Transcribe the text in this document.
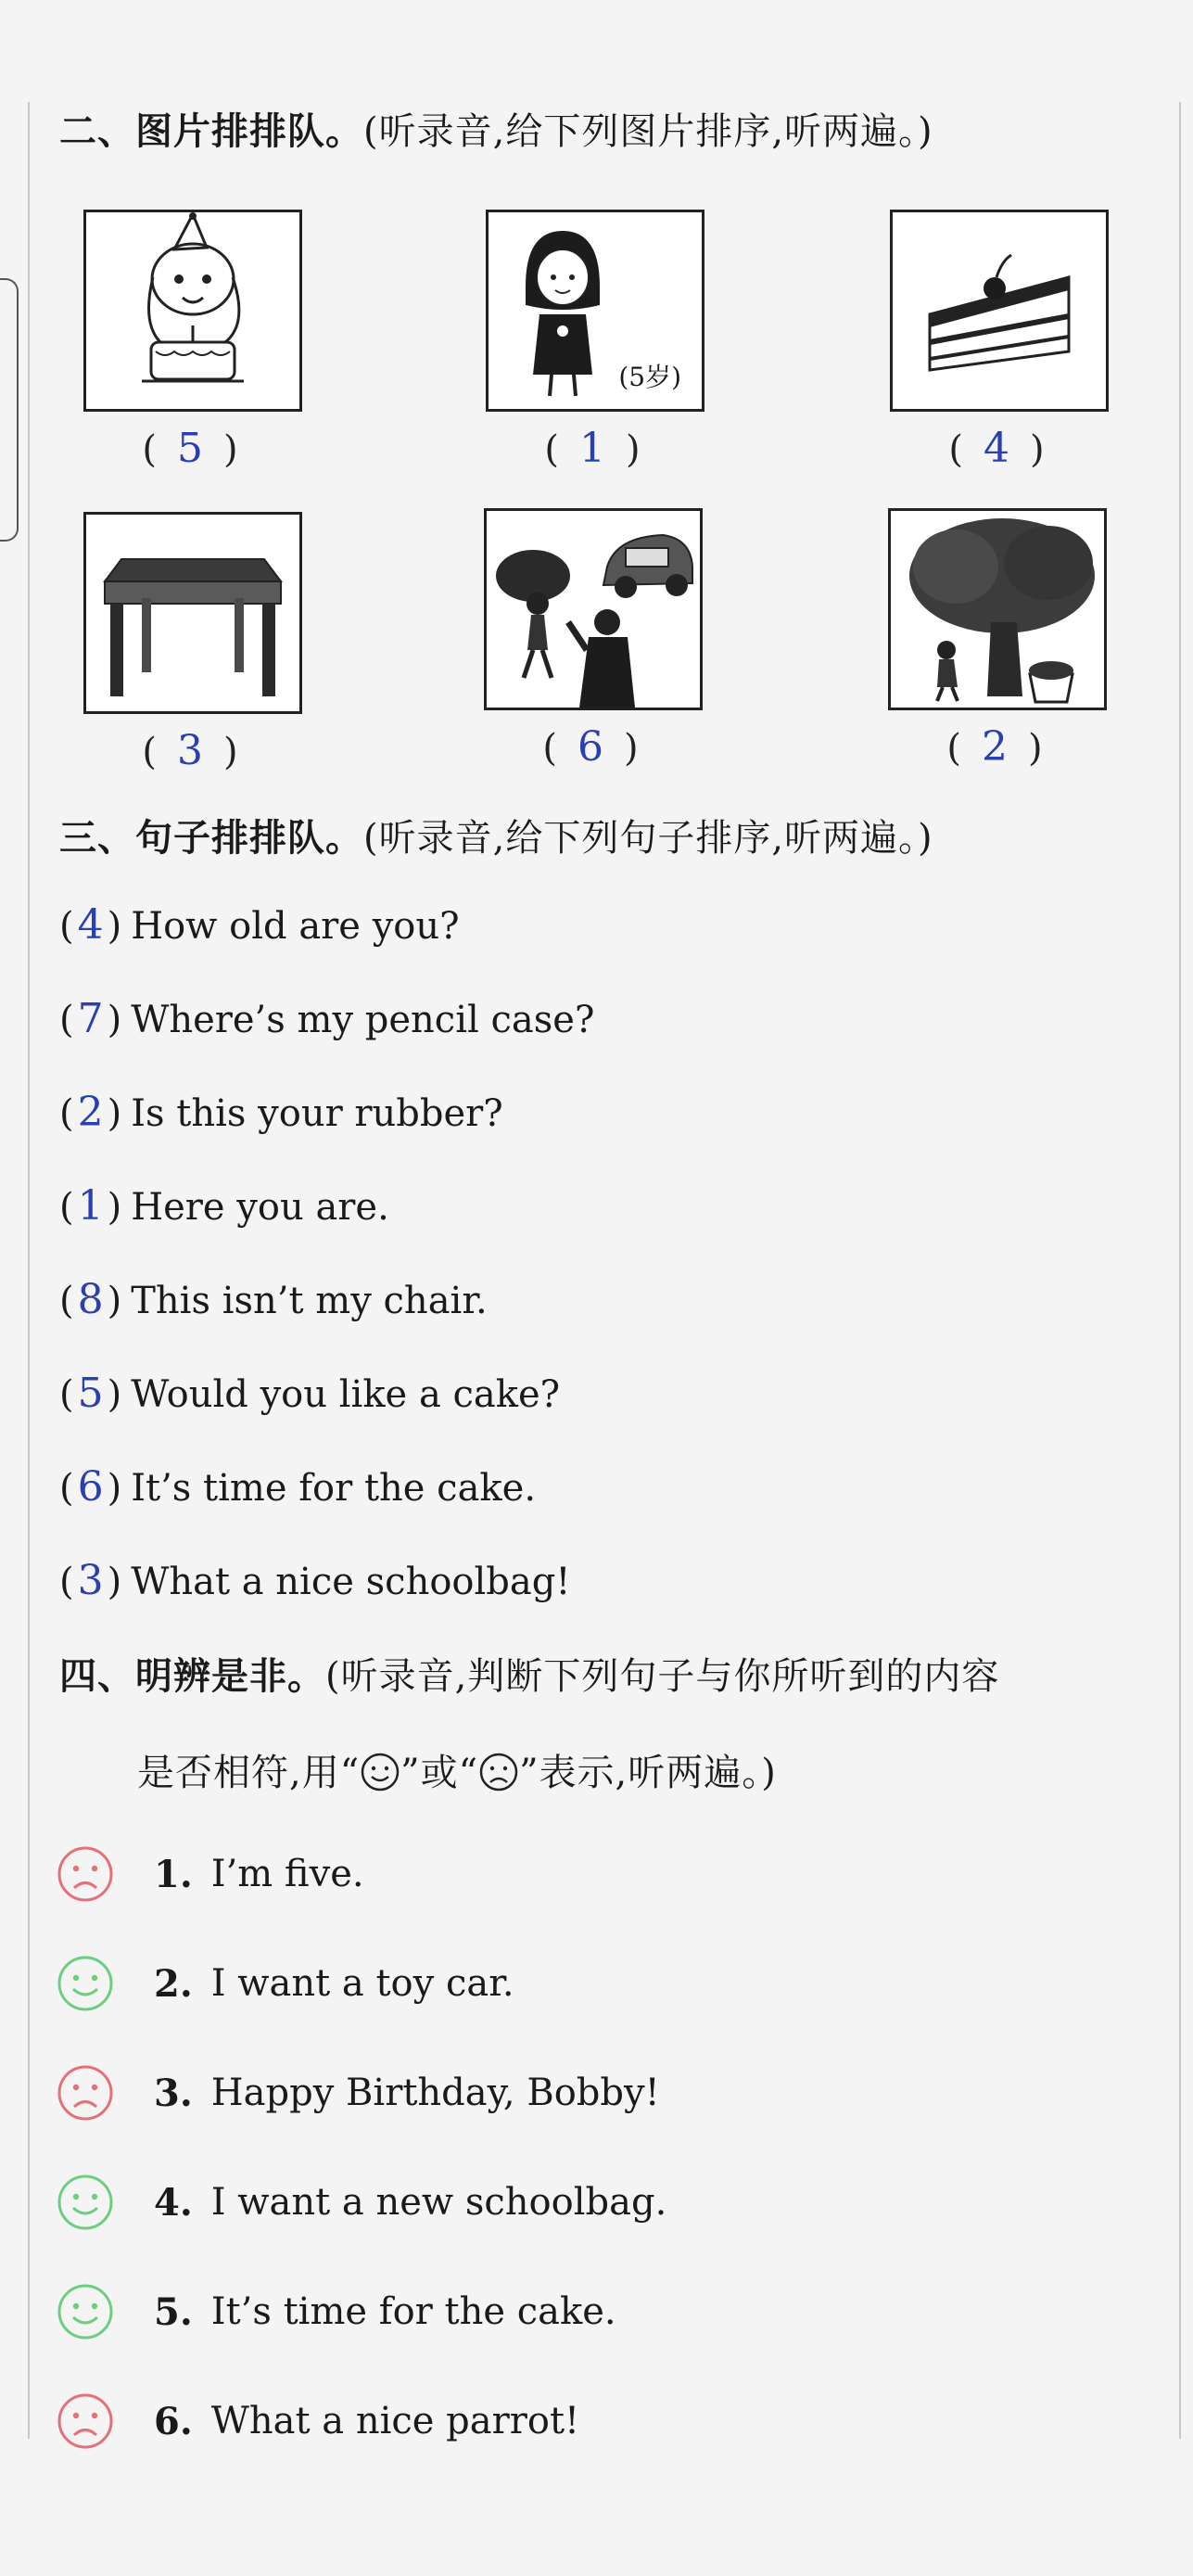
二、图片排排队。(听录音,给下列图片排序,听两遍。)
( 5 )
(5岁)
( 1 )	( 4 )
( 3 )	( 6 )	( 2 )
三、句子排排队。(听录音,给下列句子排序,听两遍。)
(4 ) How old are you?
(7 ) Where’s my pencil case?
(2 ) Is this your rubber?
(1 ) Here you are.
(8 ) This isn’t my chair.
(5 ) Would you like a cake?
(6 ) It’s time for the cake.
(3 ) What a nice schoolbag!
四、明辨是非。(听录音,判断下列句子与你所听到的内容
是否相符,用“ ”或“ ”表示,听两遍。)
1. I’m five.
2. I want a toy car.
3. Happy Birthday, Bobby!
4. I want a new schoolbag.
5. It’s time for the cake.
6. What a nice parrot!
